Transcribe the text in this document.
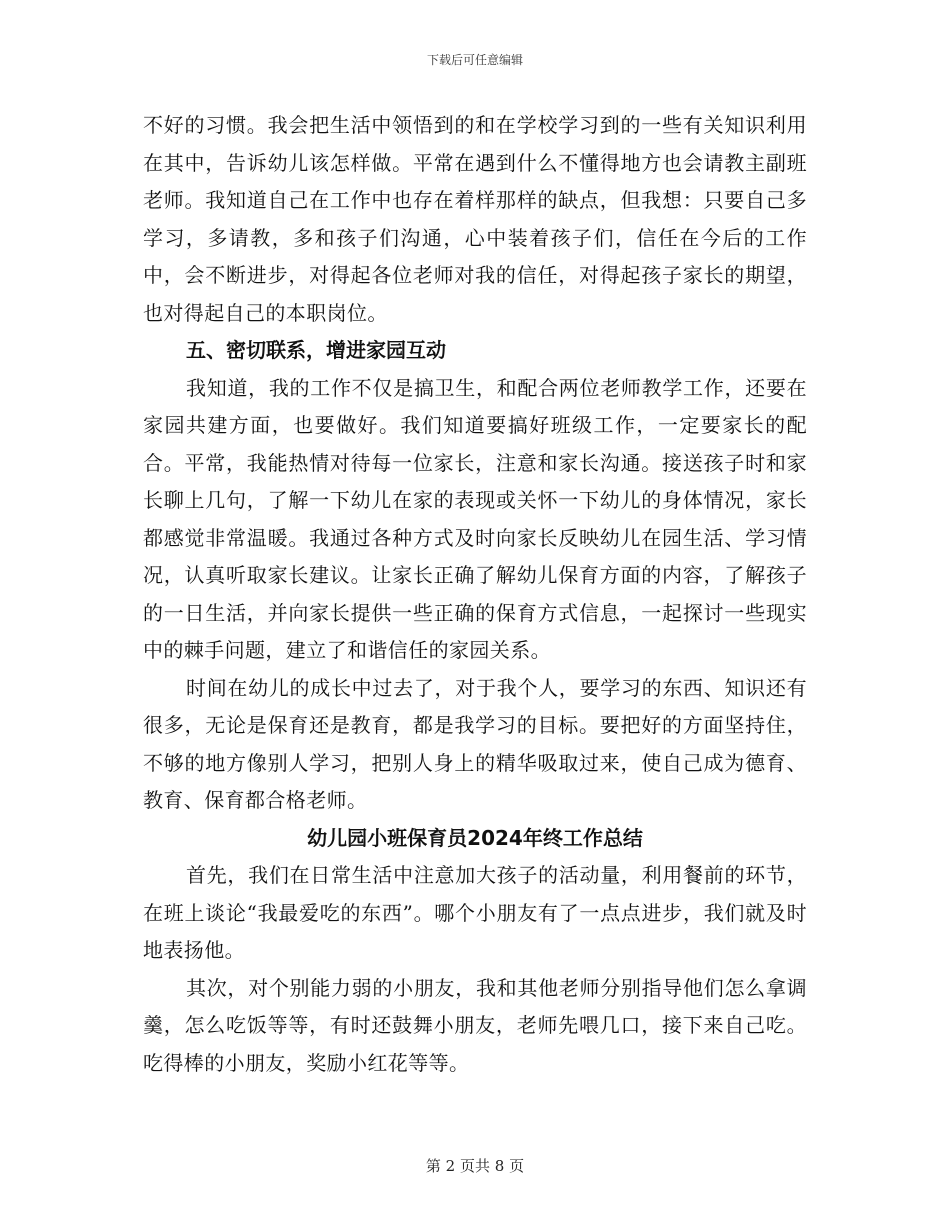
下载后可任意编辑

不好的习惯。我会把生活中领悟到的和在学校学习到的一些有关知识利用在其中，告诉幼儿该怎样做。平常在遇到什么不懂得地方也会请教主副班老师。我知道自己在工作中也存在着样那样的缺点，但我想：只要自己多学习，多请教，多和孩子们沟通，心中装着孩子们，信任在今后的工作中，会不断进步，对得起各位老师对我的信任，对得起孩子家长的期望，也对得起自己的本职岗位。

五、密切联系，增进家园互动

我知道，我的工作不仅是搞卫生，和配合两位老师教学工作，还要在家园共建方面，也要做好。我们知道要搞好班级工作，一定要家长的配合。平常，我能热情对待每一位家长，注意和家长沟通。接送孩子时和家长聊上几句，了解一下幼儿在家的表现或关怀一下幼儿的身体情况，家长都感觉非常温暖。我通过各种方式及时向家长反映幼儿在园生活、学习情况，认真听取家长建议。让家长正确了解幼儿保育方面的内容，了解孩子的一日生活，并向家长提供一些正确的保育方式信息，一起探讨一些现实中的棘手问题，建立了和谐信任的家园关系。

时间在幼儿的成长中过去了，对于我个人，要学习的东西、知识还有很多，无论是保育还是教育，都是我学习的目标。要把好的方面坚持住，不够的地方像别人学习，把别人身上的精华吸取过来，使自己成为德育、教育、保育都合格老师。

幼儿园小班保育员2024年终工作总结

首先，我们在日常生活中注意加大孩子的活动量，利用餐前的环节，在班上谈论“我最爱吃的东西”。哪个小朋友有了一点点进步，我们就及时地表扬他。

其次，对个别能力弱的小朋友，我和其他老师分别指导他们怎么拿调羹，怎么吃饭等等，有时还鼓舞小朋友，老师先喂几口，接下来自己吃。吃得棒的小朋友，奖励小红花等等。

第 2 页共 8 页
